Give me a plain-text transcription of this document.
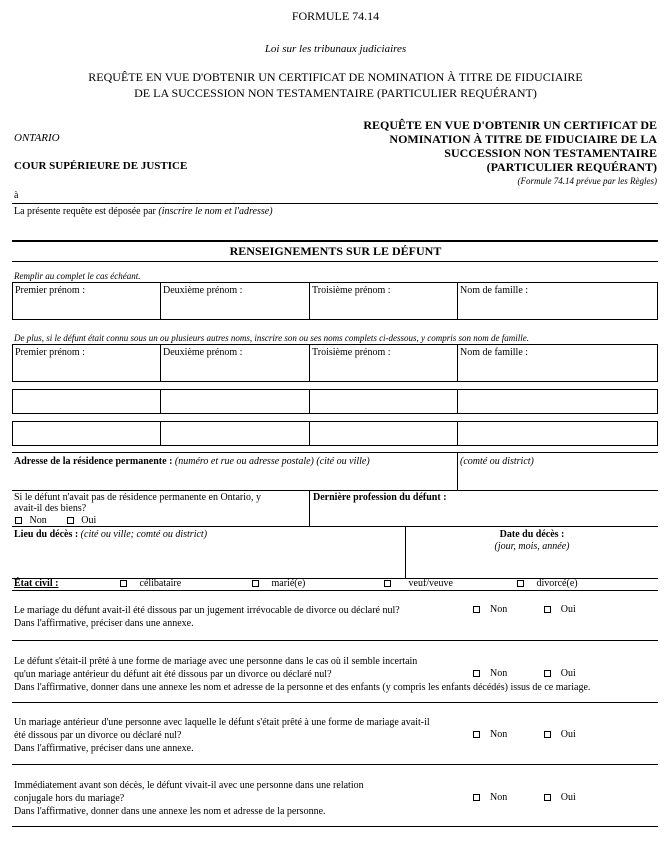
FORMULE 74.14
Loi sur les tribunaux judiciaires
REQUÊTE EN VUE D'OBTENIR UN CERTIFICAT DE NOMINATION À TITRE DE FIDUCIAIRE
DE LA SUCCESSION NON TESTAMENTAIRE (PARTICULIER REQUÉRANT)
ONTARIO
COUR SUPÉRIEURE DE JUSTICE
REQUÊTE EN VUE D'OBTENIR UN CERTIFICAT DE
NOMINATION À TITRE DE FIDUCIAIRE DE LA
SUCCESSION NON TESTAMENTAIRE
(PARTICULIER REQUÉRANT)
(Formule 74.14 prévue par les Règles)
à
La présente requête est déposée par (inscrire le nom et l'adresse)
RENSEIGNEMENTS SUR LE DÉFUNT
Remplir au complet le cas échéant.
Premier prénom :	Deuxième prénom :	Troisième prénom :	Nom de famille :
De plus, si le défunt était connu sous un ou plusieurs autres noms, inscrire son ou ses noms complets ci-dessous, y compris son nom de famille.
Premier prénom :	Deuxième prénom :	Troisième prénom :	Nom de famille :
Adresse de la résidence permanente : (numéro et rue ou adresse postale) (cité ou ville)	(comté ou district)
Si le défunt n'avait pas de résidence permanente en Ontario, y
avait-il des biens?
Non	Oui
Dernière profession du défunt :
Lieu du décès : (cité ou ville; comté ou district)	Date du décès :
(jour, mois, année)
État civil :	célibataire	marié(e)	veuf/veuve	divorcé(e)
Le mariage du défunt avait-il été dissous par un jugement irrévocable de divorce ou déclaré nul?
Dans l'affirmative, préciser dans une annexe.
Non	Oui
Le défunt s'était-il prêté à une forme de mariage avec une personne dans le cas où il semble incertain
qu'un mariage antérieur du défunt ait été dissous par un divorce ou déclaré nul?
Dans l'affirmative, donner dans une annexe les nom et adresse de la personne et des enfants (y compris les enfants décédés) issus de ce mariage.
Non	Oui
Un mariage antérieur d'une personne avec laquelle le défunt s'était prêté à une forme de mariage avait-il
été dissous par un divorce ou déclaré nul?
Dans l'affirmative, préciser dans une annexe.
Non	Oui
Immédiatement avant son décès, le défunt vivait-il avec une personne dans une relation
conjugale hors du mariage?
Dans l'affirmative, donner dans une annexe les nom et adresse de la personne.
Non	Oui
